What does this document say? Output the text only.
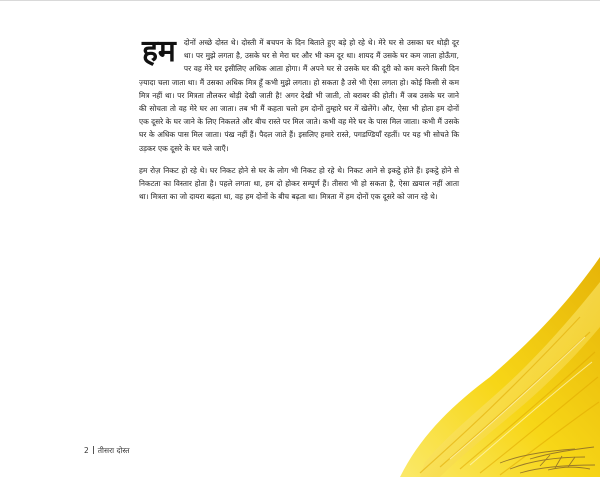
हम दोनों अच्छे दोस्त थे। दोस्ती में बचपन के दिन बिताते हुए बड़े हो रहे थे। मेरे घर से उसका घर थोड़ी दूर था। पर मुझे लगता है, उसके घर से मेरा घर और भी कम दूर था। शायद मैं उसके घर कम जाता होऊँगा, पर वह मेरे घर इसीलिए अधिक आता होगा। मैं अपने घर से उसके घर की दूरी को कम करने किसी दिन ज़्यादा चला जाता था। मैं उसका अधिक मित्र हूँ कभी मुझे लगता। हो सकता है उसे भी ऐसा लगता हो। कोई किसी से कम मित्र नहीं था। पर मित्रता तौलकर थोड़ी देखी जाती है! अगर देखी भी जाती, तो बराबर की होती। मैं जब उसके घर जाने की सोचता तो वह मेरे घर आ जाता। तब भी मैं कहता चलो हम दोनों तुम्हारे घर में खेलेंगे। और, ऐसा भी होता हम दोनों एक दूसरे के घर जाने के लिए निकलते और बीच रास्ते पर मिल जाते। कभी वह मेरे घर के पास मिल जाता। कभी मैं उसके घर के अधिक पास मिल जाता। पंख नहीं हैं। पैदल जाते हैं। इसलिए हमारे रास्ते, पगडण्डियाँ रहतीं। पर यह भी सोचते कि उड़कर एक दूसरे के घर चले जाएँ।

हम रोज़ निकट हो रहे थे। घर निकट होने से घर के लोग भी निकट हो रहे थे। निकट आने से इकट्ठे होते हैं। इकट्ठे होने से निकटता का विस्तार होता है। पहले लगता था, हम दो होकर सम्पूर्ण हैं। तीसरा भी हो सकता है, ऐसा ख़याल नहीं आता था। मित्रता का जो दायरा बढ़ता था, वह हम दोनों के बीच बढ़ता था। मित्रता में हम दोनों एक दूसरे को जान रहे थे।

2 तीसरा दोस्त
